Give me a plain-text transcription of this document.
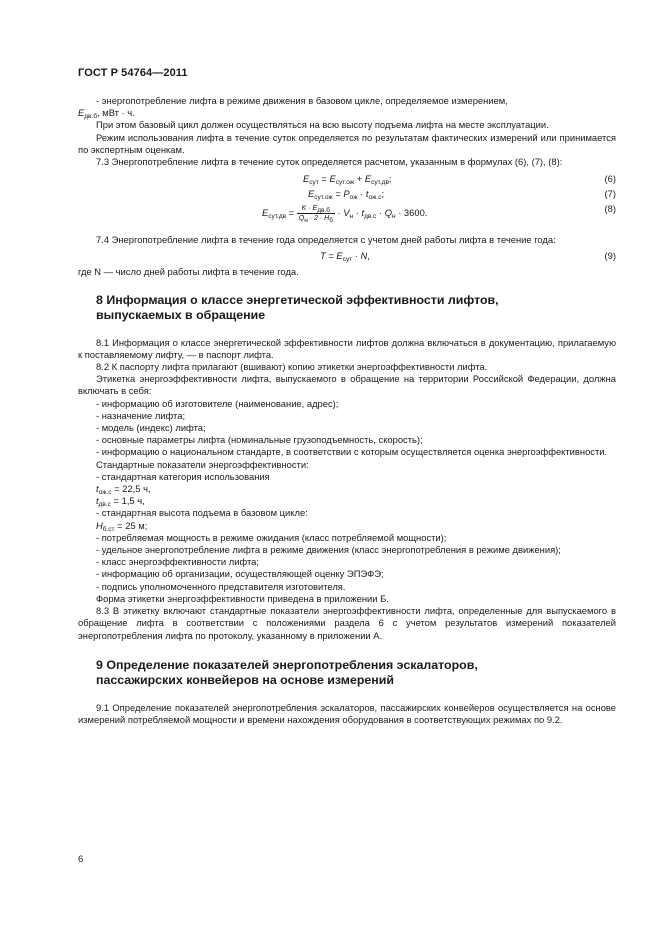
ГОСТ Р 54764—2011

- энергопотребление лифта в режиме движения в базовом цикле, определяемое измерением,

$E_{дв.б}$, мВт · ч.

При этом базовый цикл должен осуществляться на всю высоту подъема лифта на месте эксплуатации.

Режим использования лифта в течение суток определяется по результатам фактических измерений или принимается по экспертным оценкам.

7.3 Энергопотребление лифта в течение суток определяется расчетом, указанным в формулах (6), (7), (8):

$E_{сут} = E_{сут.ож} + E_{сут.дв}$;	(6)
$E_{сут.ож} = P_{ож} \cdot t_{ож.с}$;	(7)
$E_{сут.дв} = \frac{K \cdot E_{дв.б}}{Q_н \cdot 2 \cdot H_б} \cdot V_н \cdot t_{дв.с} \cdot Q_н \cdot 3600$.	(8)

7.4 Энергопотребление лифта в течение года определяется с учетом дней работы лифта в течение года:

$T = E_{сут} \cdot N$,	(9)

где N — число дней работы лифта в течение года.

8 Информация о классе энергетической эффективности лифтов,

выпускаемых в обращение

8.1 Информация о классе энергетической эффективности лифтов должна включаться в документацию, прилагаемую к поставляемому лифту, — в паспорт лифта.

8.2 К паспорту лифта прилагают (вшивают) копию этикетки энергоэффективности лифта.

Этикетка энергоэффективности лифта, выпускаемого в обращение на территории Российской Федерации, должна включать в себя:

- информацию об изготовителе (наименование, адрес);

- назначение лифта;

- модель (индекс) лифта;

- основные параметры лифта (номинальные грузоподъемность, скорость);

- информацию о национальном стандарте, в соответствии с которым осуществляется оценка энергоэффективности.

Стандартные показатели энергоэффективности:

- стандартная категория использования

$t_{ож.с} = 22,5$ ч,

$t_{дв.с} = 1,5$ ч,

- стандартная высота подъема в базовом цикле:

$H_{б.ст} = 25$ м;

- потребляемая мощность в режиме ожидания (класс потребляемой мощности);

- удельное энергопотребление лифта в режиме движения (класс энергопотребления в режиме движения);

- класс энергоэффективности лифта;

- информацию об организации, осуществляющей оценку ЭПЭФЭ;

- подпись уполномоченного представителя изготовителя.

Форма этикетки энергоэффективности приведена в приложении Б.

8.3 В этикетку включают стандартные показатели энергоэффективности лифта, определенные для выпускаемого в обращение лифта в соответствии с положениями раздела 6 с учетом результатов измерений показателей энергопотребления лифта по протоколу, указанному в приложении А.

9 Определение показателей энергопотребления эскалаторов,

пассажирских конвейеров на основе измерений

9.1 Определение показателей энергопотребления эскалаторов, пассажирских конвейеров осуществляется на основе измерений потребляемой мощности и времени нахождения оборудования в соответствующих режимах по 9.2.

6
